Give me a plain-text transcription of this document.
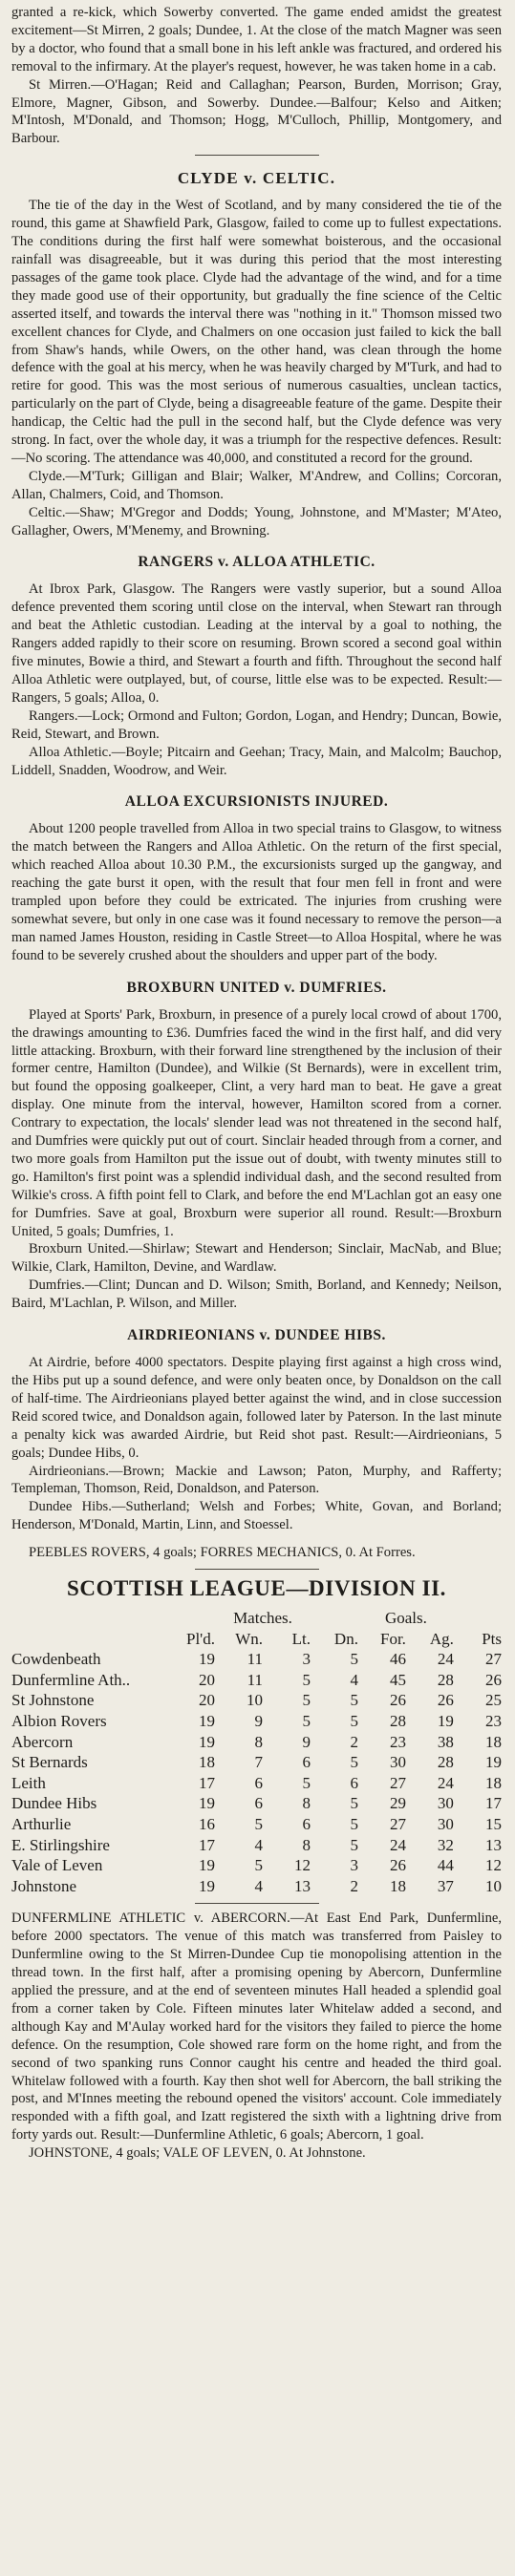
granted a re-kick, which Sowerby converted. The game ended amidst the greatest excitement—St Mirren, 2 goals; Dundee, 1. At the close of the match Magner was seen by a doctor, who found that a small bone in his left ankle was fractured, and ordered his removal to the infirmary. At the player's request, however, he was taken home in a cab.

St Mirren.—O'Hagan; Reid and Callaghan; Pearson, Burden, Morrison; Gray, Elmore, Magner, Gibson, and Sowerby. Dundee.—Balfour; Kelso and Aitken; M'Intosh, M'Donald, and Thomson; Hogg, M'Culloch, Phillip, Montgomery, and Barbour.

CLYDE v. CELTIC.

The tie of the day in the West of Scotland, and by many considered the tie of the round, this game at Shawfield Park, Glasgow, failed to come up to fullest expectations. The conditions during the first half were somewhat boisterous, and the occasional rainfall was disagreeable, but it was during this period that the most interesting passages of the game took place. Clyde had the advantage of the wind, and for a time they made good use of their opportunity, but gradually the fine science of the Celtic asserted itself, and towards the interval there was "nothing in it." Thomson missed two excellent chances for Clyde, and Chalmers on one occasion just failed to kick the ball from Shaw's hands, while Owers, on the other hand, was clean through the home defence with the goal at his mercy, when he was heavily charged by M'Turk, and had to retire for good. This was the most serious of numerous casualties, unclean tactics, particularly on the part of Clyde, being a disagreeable feature of the game. Despite their handicap, the Celtic had the pull in the second half, but the Clyde defence was very strong. In fact, over the whole day, it was a triumph for the respective defences. Result:—No scoring. The attendance was 40,000, and constituted a record for the ground.

Clyde.—M'Turk; Gilligan and Blair; Walker, M'Andrew, and Collins; Corcoran, Allan, Chalmers, Coid, and Thomson.

Celtic.—Shaw; M'Gregor and Dodds; Young, Johnstone, and M'Master; M'Ateo, Gallagher, Owers, M'Menemy, and Browning.

RANGERS v. ALLOA ATHLETIC.

At Ibrox Park, Glasgow. The Rangers were vastly superior, but a sound Alloa defence prevented them scoring until close on the interval, when Stewart ran through and beat the Athletic custodian. Leading at the interval by a goal to nothing, the Rangers added rapidly to their score on resuming. Brown scored a second goal within five minutes, Bowie a third, and Stewart a fourth and fifth. Throughout the second half Alloa Athletic were outplayed, but, of course, little else was to be expected. Result:—Rangers, 5 goals; Alloa, 0.

Rangers.—Lock; Ormond and Fulton; Gordon, Logan, and Hendry; Duncan, Bowie, Reid, Stewart, and Brown.

Alloa Athletic.—Boyle; Pitcairn and Geehan; Tracy, Main, and Malcolm; Bauchop, Liddell, Snadden, Woodrow, and Weir.

ALLOA EXCURSIONISTS INJURED.

About 1200 people travelled from Alloa in two special trains to Glasgow, to witness the match between the Rangers and Alloa Athletic. On the return of the first special, which reached Alloa about 10.30 P.M., the excursionists surged up the gangway, and reaching the gate burst it open, with the result that four men fell in front and were trampled upon before they could be extricated. The injuries from crushing were somewhat severe, but only in one case was it found necessary to remove the person—a man named James Houston, residing in Castle Street—to Alloa Hospital, where he was found to be severely crushed about the shoulders and upper part of the body.

BROXBURN UNITED v. DUMFRIES.

Played at Sports' Park, Broxburn, in presence of a purely local crowd of about 1700, the drawings amounting to £36. Dumfries faced the wind in the first half, and did very little attacking. Broxburn, with their forward line strengthened by the inclusion of their former centre, Hamilton (Dundee), and Wilkie (St Bernards), were in excellent trim, but found the opposing goalkeeper, Clint, a very hard man to beat. He gave a great display. One minute from the interval, however, Hamilton scored from a corner. Contrary to expectation, the locals' slender lead was not threatened in the second half, and Dumfries were quickly put out of court. Sinclair headed through from a corner, and two more goals from Hamilton put the issue out of doubt, with twenty minutes still to go. Hamilton's first point was a splendid individual dash, and the second resulted from Wilkie's cross. A fifth point fell to Clark, and before the end M'Lachlan got an easy one for Dumfries. Save at goal, Broxburn were superior all round. Result:—Broxburn United, 5 goals; Dumfries, 1.

Broxburn United.—Shirlaw; Stewart and Henderson; Sinclair, MacNab, and Blue; Wilkie, Clark, Hamilton, Devine, and Wardlaw.

Dumfries.—Clint; Duncan and D. Wilson; Smith, Borland, and Kennedy; Neilson, Baird, M'Lachlan, P. Wilson, and Miller.

AIRDRIEONIANS v. DUNDEE HIBS.

At Airdrie, before 4000 spectators. Despite playing first against a high cross wind, the Hibs put up a sound defence, and were only beaten once, by Donaldson on the call of half-time. The Airdrieonians played better against the wind, and in close succession Reid scored twice, and Donaldson again, followed later by Paterson. In the last minute a penalty kick was awarded Airdrie, but Reid shot past. Result:—Airdrieonians, 5 goals; Dundee Hibs, 0.

Airdrieonians.—Brown; Mackie and Lawson; Paton, Murphy, and Rafferty; Templeman, Thomson, Reid, Donaldson, and Paterson.

Dundee Hibs.—Sutherland; Welsh and Forbes; White, Govan, and Borland; Henderson, M'Donald, Martin, Linn, and Stoessel.

PEEBLES ROVERS, 4 goals; FORRES MECHANICS, 0. At Forres.

SCOTTISH LEAGUE—DIVISION II.
	Matches.				Goals.		
	Pl'd.	Wn.	Lt.	Dn.	For.	Ag.	Pts
Cowdenbeath	19	11	3	5	46	24	27
Dunfermline Ath..	20	11	5	4	45	28	26
St Johnstone	20	10	5	5	26	26	25
Albion Rovers	19	9	5	5	28	19	23
Abercorn	19	8	9	2	23	38	18
St Bernards	18	7	6	5	30	28	19
Leith	17	6	5	6	27	24	18
Dundee Hibs	19	6	8	5	29	30	17
Arthurlie	16	5	6	5	27	30	15
E. Stirlingshire	17	4	8	5	24	32	13
Vale of Leven	19	5	12	3	26	44	12
Johnstone	19	4	13	2	18	37	10

DUNFERMLINE ATHLETIC v. ABERCORN.—At East End Park, Dunfermline, before 2000 spectators. The venue of this match was transferred from Paisley to Dunfermline owing to the St Mirren-Dundee Cup tie monopolising attention in the thread town. In the first half, after a promising opening by Abercorn, Dunfermline applied the pressure, and at the end of seventeen minutes Hall headed a splendid goal from a corner taken by Cole. Fifteen minutes later Whitelaw added a second, and although Kay and M'Aulay worked hard for the visitors they failed to pierce the home defence. On the resumption, Cole showed rare form on the home right, and from the second of two spanking runs Connor caught his centre and headed the third goal. Whitelaw followed with a fourth. Kay then shot well for Abercorn, the ball striking the post, and M'Innes meeting the rebound opened the visitors' account. Cole immediately responded with a fifth goal, and Izatt registered the sixth with a lightning drive from forty yards out. Result:—Dunfermline Athletic, 6 goals; Abercorn, 1 goal.

JOHNSTONE, 4 goals; VALE OF LEVEN, 0. At Johnstone.
